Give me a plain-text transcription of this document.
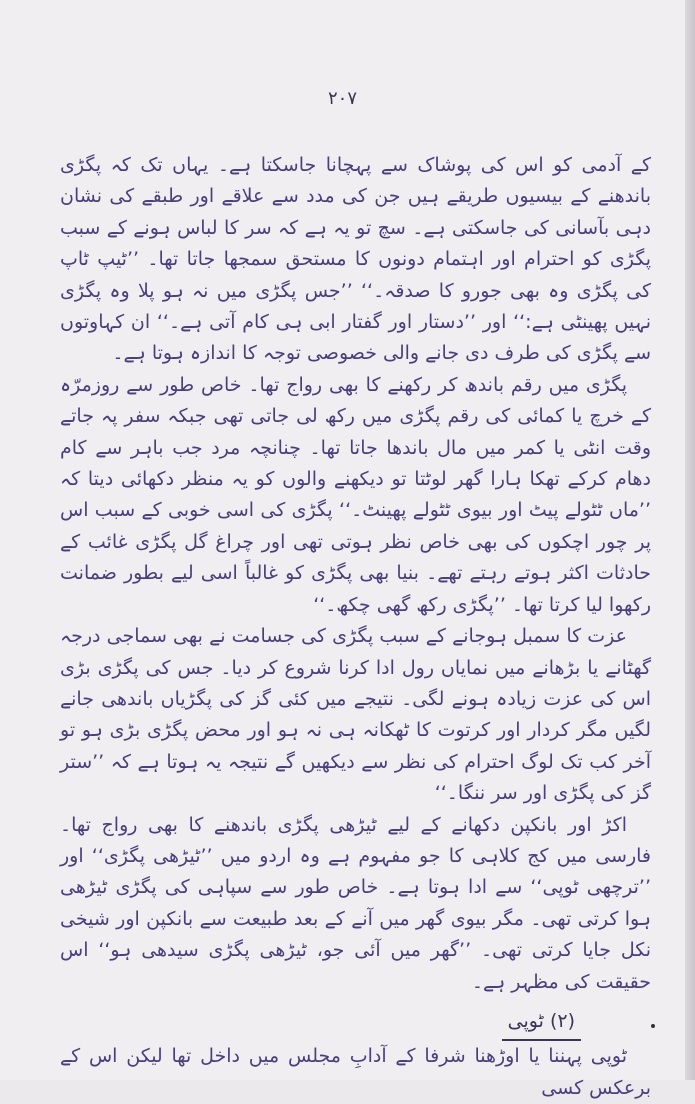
۲۰۷

کے آدمی کو اس کی پوشاک سے پہچانا جاسکتا ہے۔ یہاں تک کہ پگڑی باندھنے کے بیسیوں طریقے ہیں جن کی مدد سے علاقے اور طبقے کی نشان دہی بآسانی کی جاسکتی ہے۔ سچ تو یہ ہے کہ سر کا لباس ہونے کے سبب پگڑی کو احترام اور اہتمام دونوں کا مستحق سمجھا جاتا تھا۔ ’’ٹیپ ٹاپ کی پگڑی وہ بھی جورو کا صدقہ۔‘‘ ’’جس پگڑی میں نہ ہو پلا وہ پگڑی نہیں پھینٹی ہے:‘‘ اور ’’دستار اور گفتار ابی ہی کام آتی ہے۔‘‘ ان کہاوتوں سے پگڑی کی طرف دی جانے والی خصوصی توجہ کا اندازہ ہوتا ہے۔

پگڑی میں رقم باندھ کر رکھنے کا بھی رواج تھا۔ خاص طور سے روزمرّہ کے خرچ یا کمائی کی رقم پگڑی میں رکھ لی جاتی تھی جبکہ سفر پہ جاتے وقت انٹی یا کمر میں مال باندھا جاتا تھا۔ چنانچہ مرد جب باہر سے کام دھام کرکے تھکا ہارا گھر لوٹتا تو دیکھنے والوں کو یہ منظر دکھائی دیتا کہ ’’ماں ٹٹولے پیٹ اور بیوی ٹٹولے پھینٹ۔‘‘ پگڑی کی اسی خوبی کے سبب اس پر چور اچکوں کی بھی خاص نظر ہوتی تھی اور چراغ گل پگڑی غائب کے حادثات اکثر ہوتے رہتے تھے۔ بنیا بھی پگڑی کو غالباً اسی لیے بطور ضمانت رکھوا لیا کرتا تھا۔ ’’پگڑی رکھ گھی چکھ۔‘‘

عزت کا سمبل ہوجانے کے سبب پگڑی کی جسامت نے بھی سماجی درجہ گھٹانے یا بڑھانے میں نمایاں رول ادا کرنا شروع کر دیا۔ جس کی پگڑی بڑی اس کی عزت زیادہ ہونے لگی۔ نتیجے میں کئی گز کی پگڑیاں باندھی جانے لگیں مگر کردار اور کرتوت کا ٹھکانہ ہی نہ ہو اور محض پگڑی بڑی ہو تو آخر کب تک لوگ احترام کی نظر سے دیکھیں گے نتیجہ یہ ہوتا ہے کہ ’’ستر گز کی پگڑی اور سر ننگا۔‘‘

اکڑ اور بانکپن دکھانے کے لیے ٹیڑھی پگڑی باندھنے کا بھی رواج تھا۔ فارسی میں کج کلاہی کا جو مفہوم ہے وہ اردو میں ’’ٹیڑھی پگڑی‘‘ اور ’’ترچھی ٹوپی‘‘ سے ادا ہوتا ہے۔ خاص طور سے سپاہی کی پگڑی ٹیڑھی ہوا کرتی تھی۔ مگر بیوی گھر میں آنے کے بعد طبیعت سے بانکپن اور شیخی نکل جایا کرتی تھی۔ ’’گھر میں آئی جو، ٹیڑھی پگڑی سیدھی ہو‘‘ اس حقیقت کی مظہر ہے۔

(۲) ٹوپی

ٹوپی پہننا یا اوڑھنا شرفا کے آدابِ مجلس میں داخل تھا لیکن اس کے برعکس کسی
